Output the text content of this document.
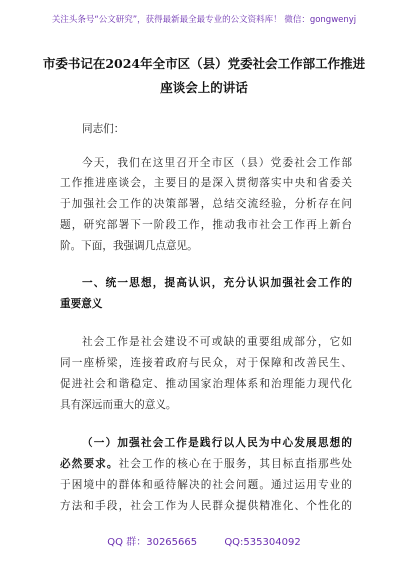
关注头条号“公文研究”，获得最新最全最专业的公文资料库！ 微信：gongwenyj
市委书记在2024年全市区（县）党委社会工作部工作推进
座谈会上的讲话
同志们：
今天，我们在这里召开全市区（县）党委社会工作部
工作推进座谈会，主要目的是深入贯彻落实中央和省委关
于加强社会工作的决策部署，总结交流经验，分析存在问
题，研究部署下一阶段工作，推动我市社会工作再上新台
阶。下面，我强调几点意见。
一、统一思想，提高认识，充分认识加强社会工作的
重要意义
社会工作是社会建设不可或缺的重要组成部分，它如
同一座桥梁，连接着政府与民众，对于保障和改善民生、
促进社会和谐稳定、推动国家治理体系和治理能力现代化
具有深远而重大的意义。
（一）加强社会工作是践行以人民为中心发展思想的
必然要求。社会工作的核心在于服务，其目标直指那些处
于困境中的群体和亟待解决的社会问题。通过运用专业的
方法和手段，社会工作为人民群众提供精准化、个性化的
QQ 群：30265665	QQ:535304092
